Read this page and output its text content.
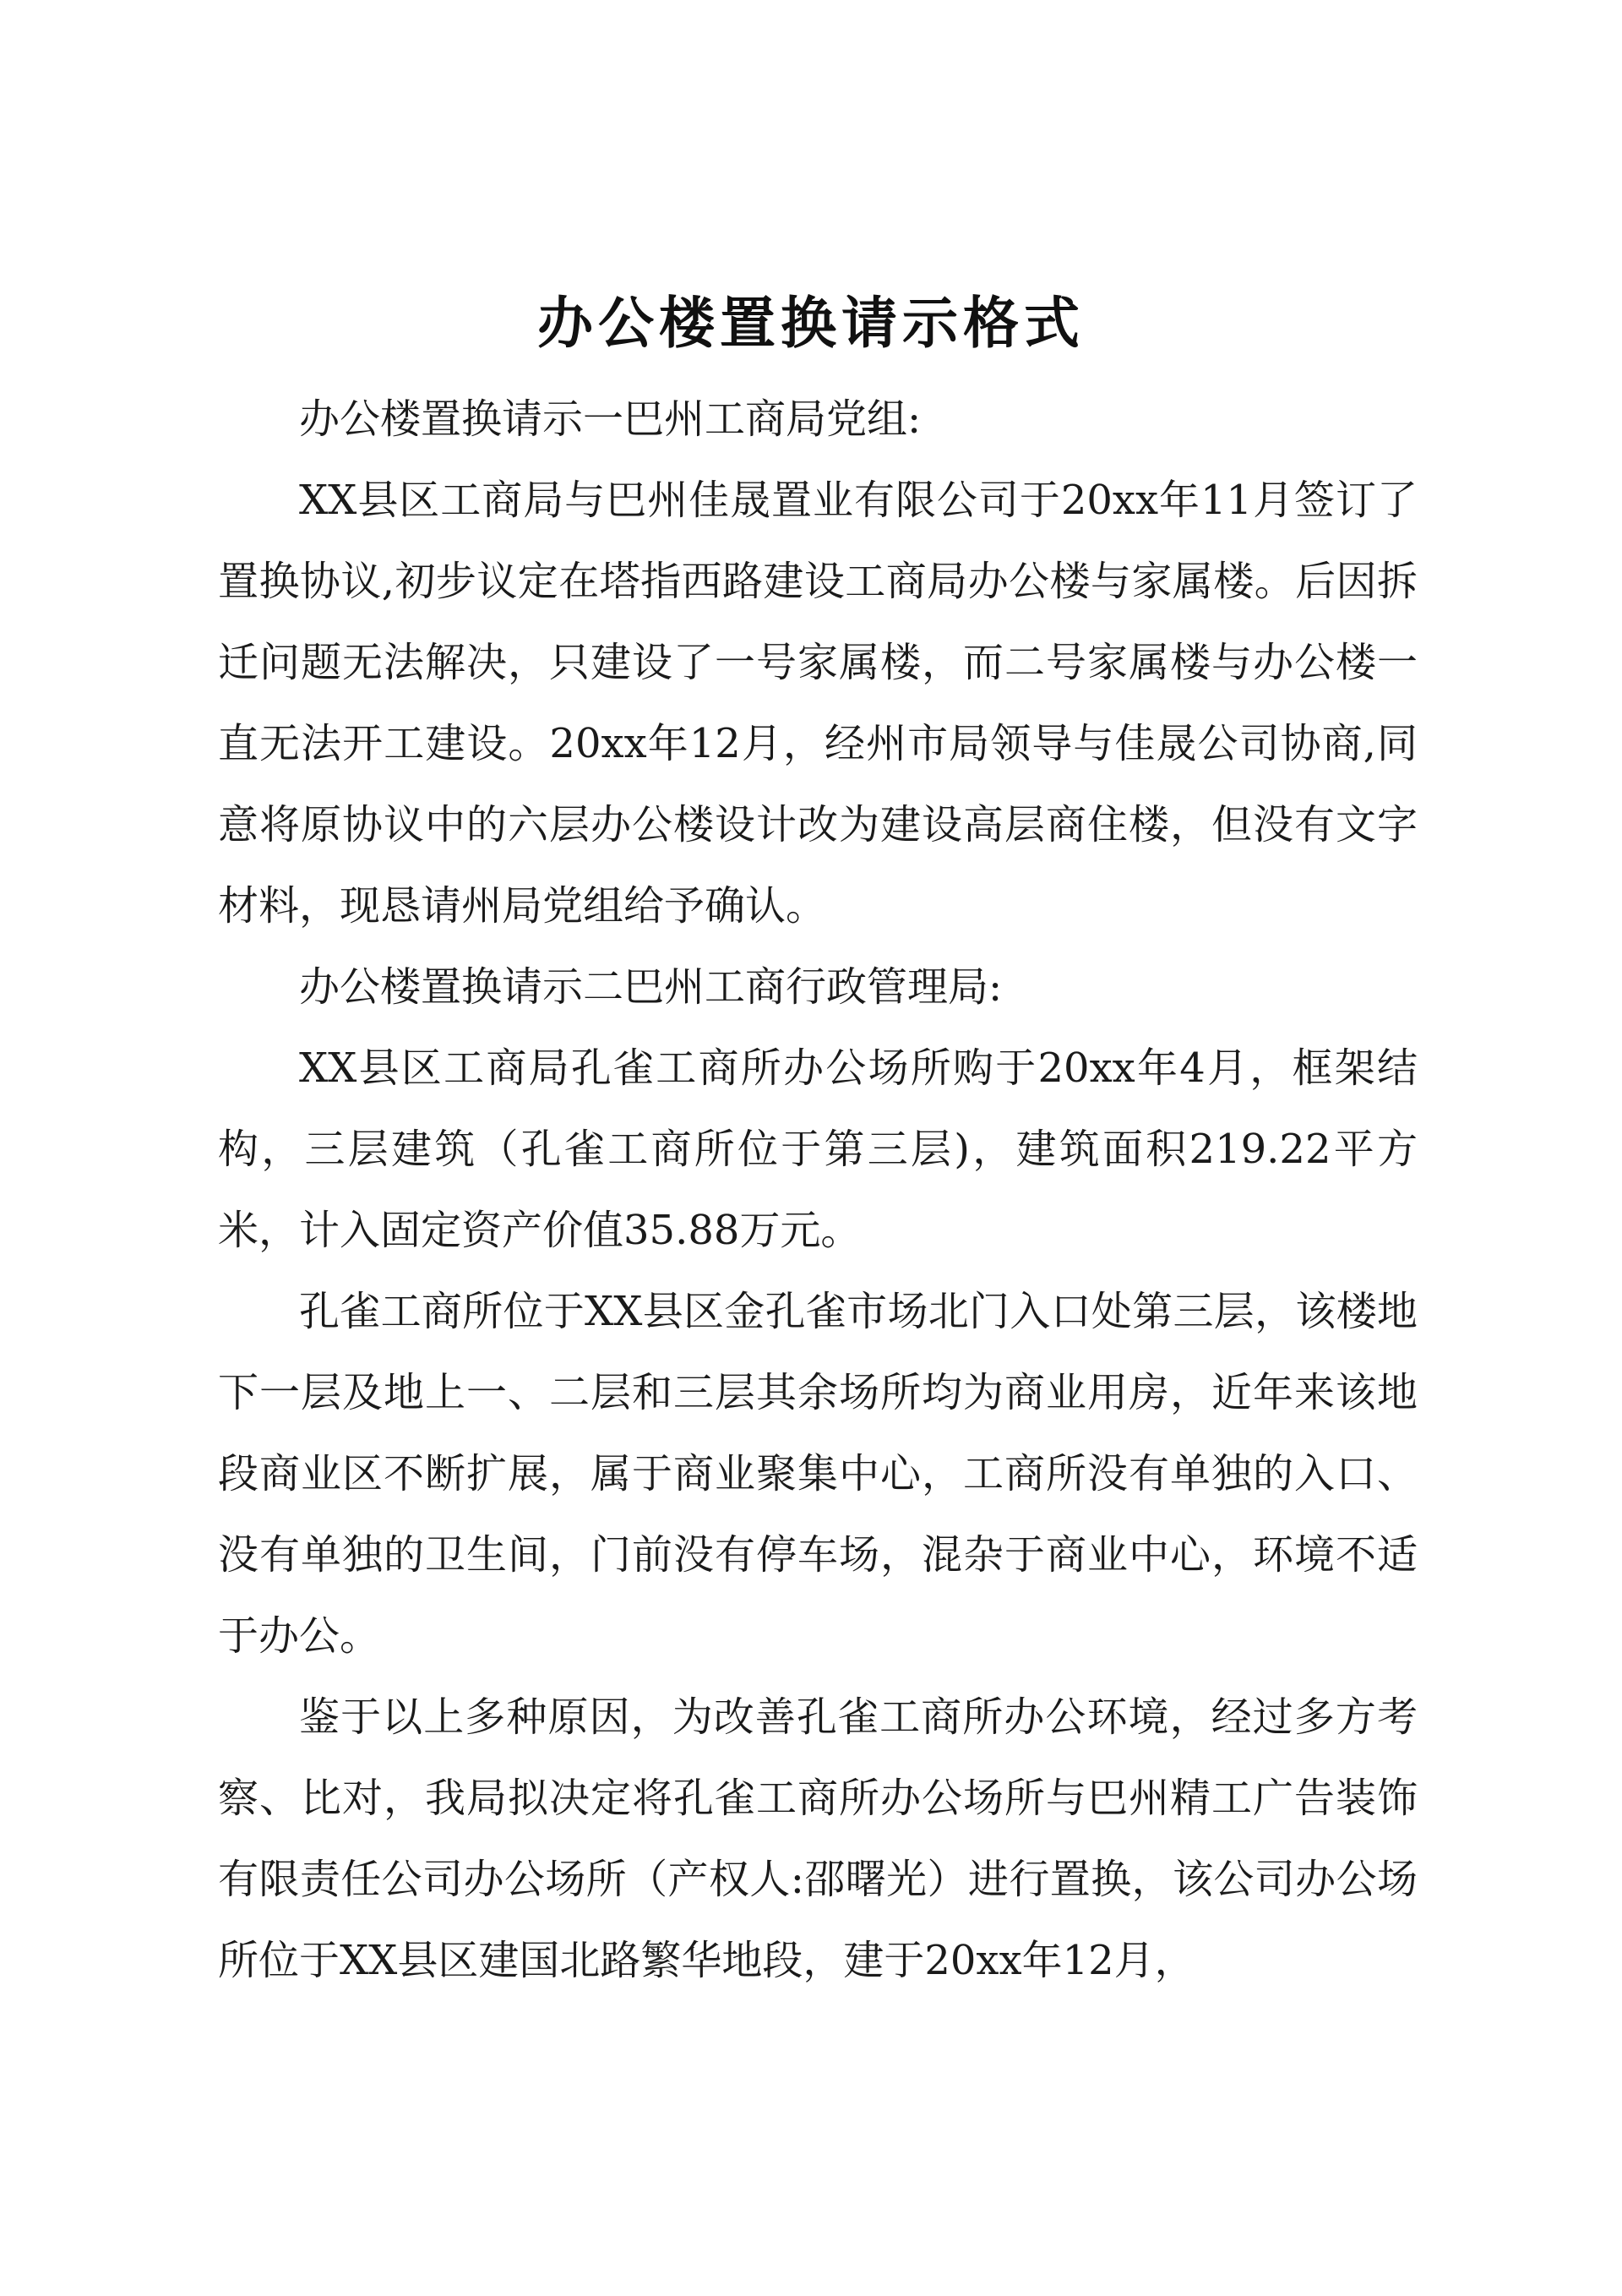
办公楼置换请示格式

办公楼置换请示一巴州工商局党组:

XX县区工商局与巴州佳晟置业有限公司于20xx年11月签订了置换协议,初步议定在塔指西路建设工商局办公楼与家属楼。后因拆迁问题无法解决，只建设了一号家属楼，而二号家属楼与办公楼一直无法开工建设。20xx年12月，经州市局领导与佳晟公司协商,同意将原协议中的六层办公楼设计改为建设高层商住楼，但没有文字材料，现恳请州局党组给予确认。

办公楼置换请示二巴州工商行政管理局:

XX县区工商局孔雀工商所办公场所购于20xx年4月，框架结构，三层建筑（孔雀工商所位于第三层)，建筑面积219.22平方米，计入固定资产价值35.88万元。

孔雀工商所位于XX县区金孔雀市场北门入口处第三层，该楼地下一层及地上一、二层和三层其余场所均为商业用房，近年来该地段商业区不断扩展，属于商业聚集中心，工商所没有单独的入口、没有单独的卫生间，门前没有停车场，混杂于商业中心，环境不适于办公。

鉴于以上多种原因，为改善孔雀工商所办公环境，经过多方考察、比对，我局拟决定将孔雀工商所办公场所与巴州精工广告装饰有限责任公司办公场所（产权人:邵曙光）进行置换，该公司办公场所位于XX县区建国北路繁华地段，建于20xx年12月，
